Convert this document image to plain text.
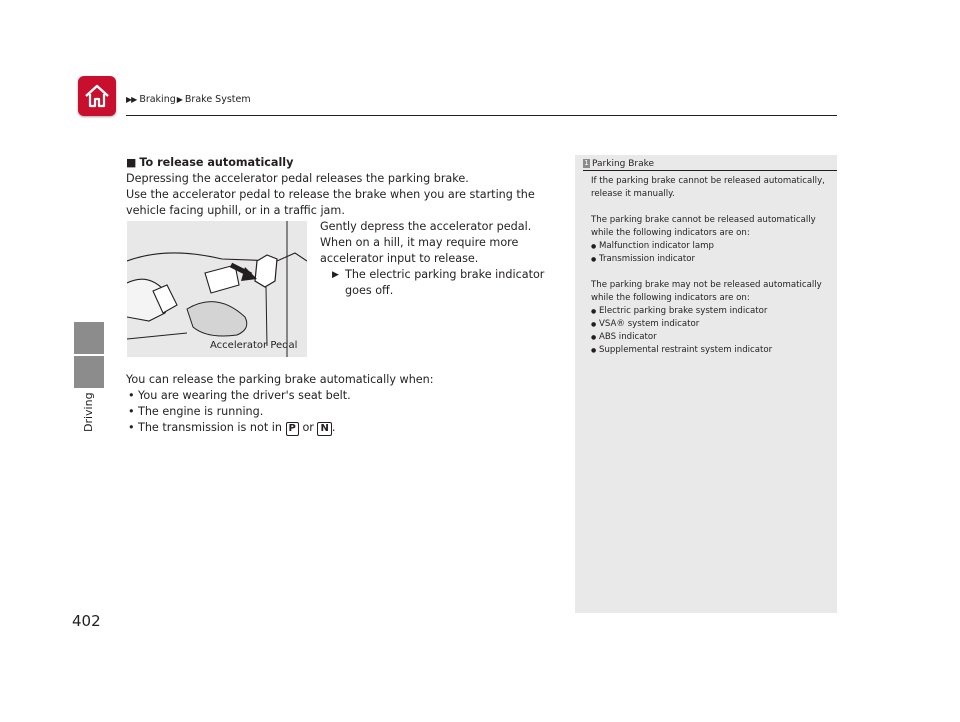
▶▶ Braking▶ Brake System
Driving
■ To release automatically
Depressing the accelerator pedal releases the parking brake.
Use the accelerator pedal to release the brake when you are starting the vehicle facing uphill, or in a traffic jam.
Accelerator Pedal
Gently depress the accelerator pedal.
When on a hill, it may require more accelerator input to release.
▶ The electric parking brake indicator goes off.
You can release the parking brake automatically when:
• You are wearing the driver's seat belt.
• The engine is running.
• The transmission is not in P or N .
1 Parking Brake

If the parking brake cannot be released automatically, release it manually.

The parking brake cannot be released automatically while the following indicators are on:
● Malfunction indicator lamp
● Transmission indicator
The parking brake may not be released automatically while the following indicators are on:
● Electric parking brake system indicator
● VSA® system indicator
● ABS indicator
● Supplemental restraint system indicator
402
